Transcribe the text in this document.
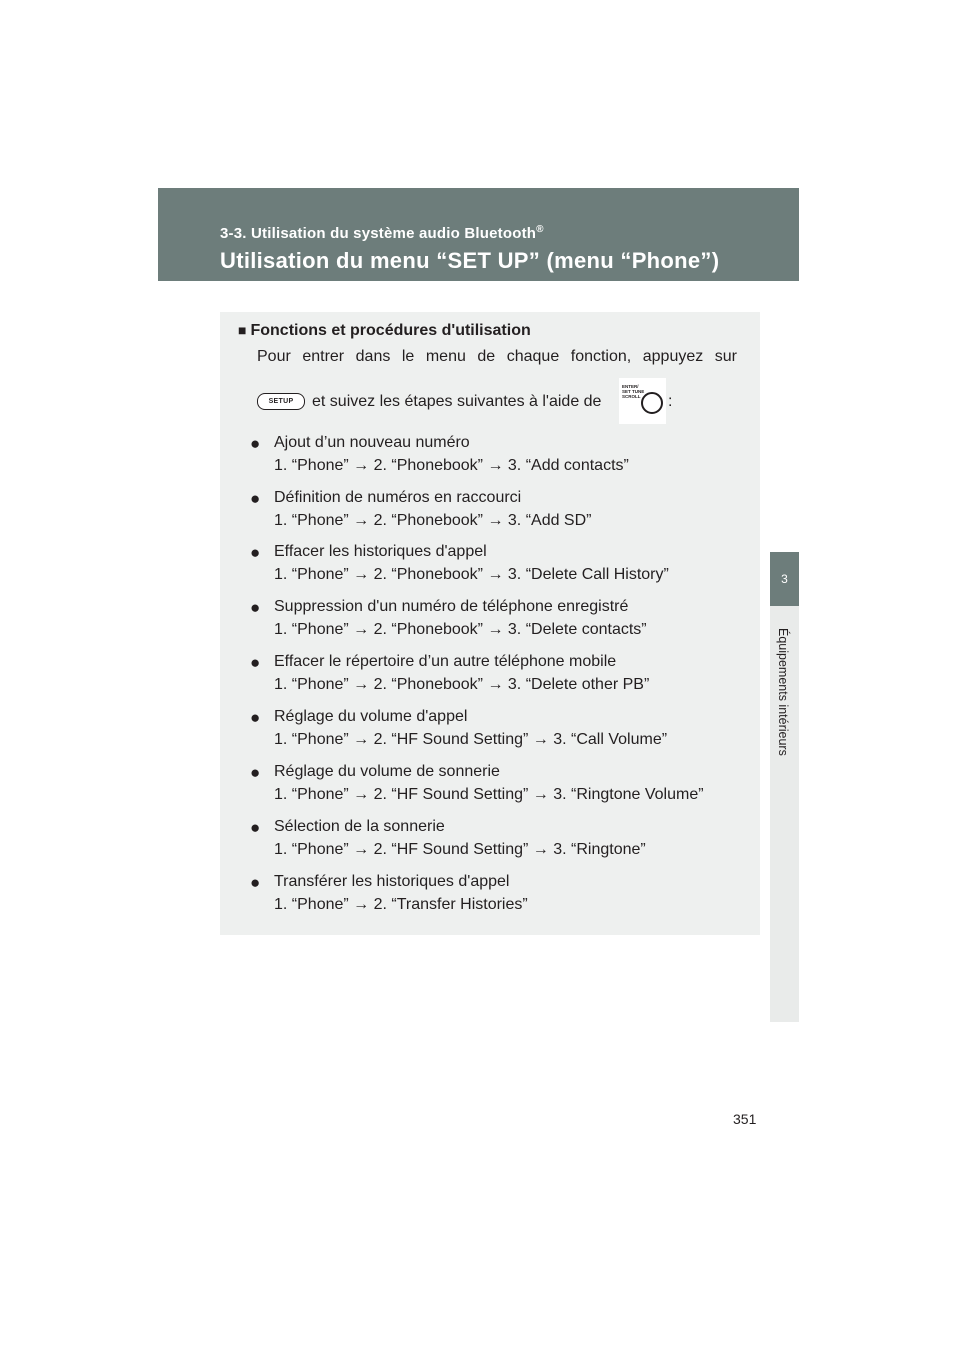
3-3. Utilisation du système audio Bluetooth®
Utilisation du menu “SET UP” (menu “Phone”)
3
Équipements intérieurs
■ Fonctions et procédures d'utilisation
Pour entrer dans le menu de chaque fonction, appuyez sur
SETUP	et suivez les étapes suivantes à l'aide de
ENTER/ SET TUNE SCROLL	:
● Ajout d’un nouveau numéro
1. “Phone” → 2. “Phonebook” → 3. “Add contacts”
● Définition de numéros en raccourci
1. “Phone” → 2. “Phonebook” → 3. “Add SD”
● Effacer les historiques d'appel
1. “Phone” → 2. “Phonebook” → 3. “Delete Call History”
● Suppression d'un numéro de téléphone enregistré
1. “Phone” → 2. “Phonebook” → 3. “Delete contacts”
● Effacer le répertoire d’un autre téléphone mobile
1. “Phone” → 2. “Phonebook” → 3. “Delete other PB”
● Réglage du volume d'appel
1. “Phone” → 2. “HF Sound Setting” → 3. “Call Volume”
● Réglage du volume de sonnerie
1. “Phone” → 2. “HF Sound Setting” → 3. “Ringtone Volume”
● Sélection de la sonnerie
1. “Phone” → 2. “HF Sound Setting” → 3. “Ringtone”
● Transférer les historiques d'appel
1. “Phone” → 2. “Transfer Histories”
351
